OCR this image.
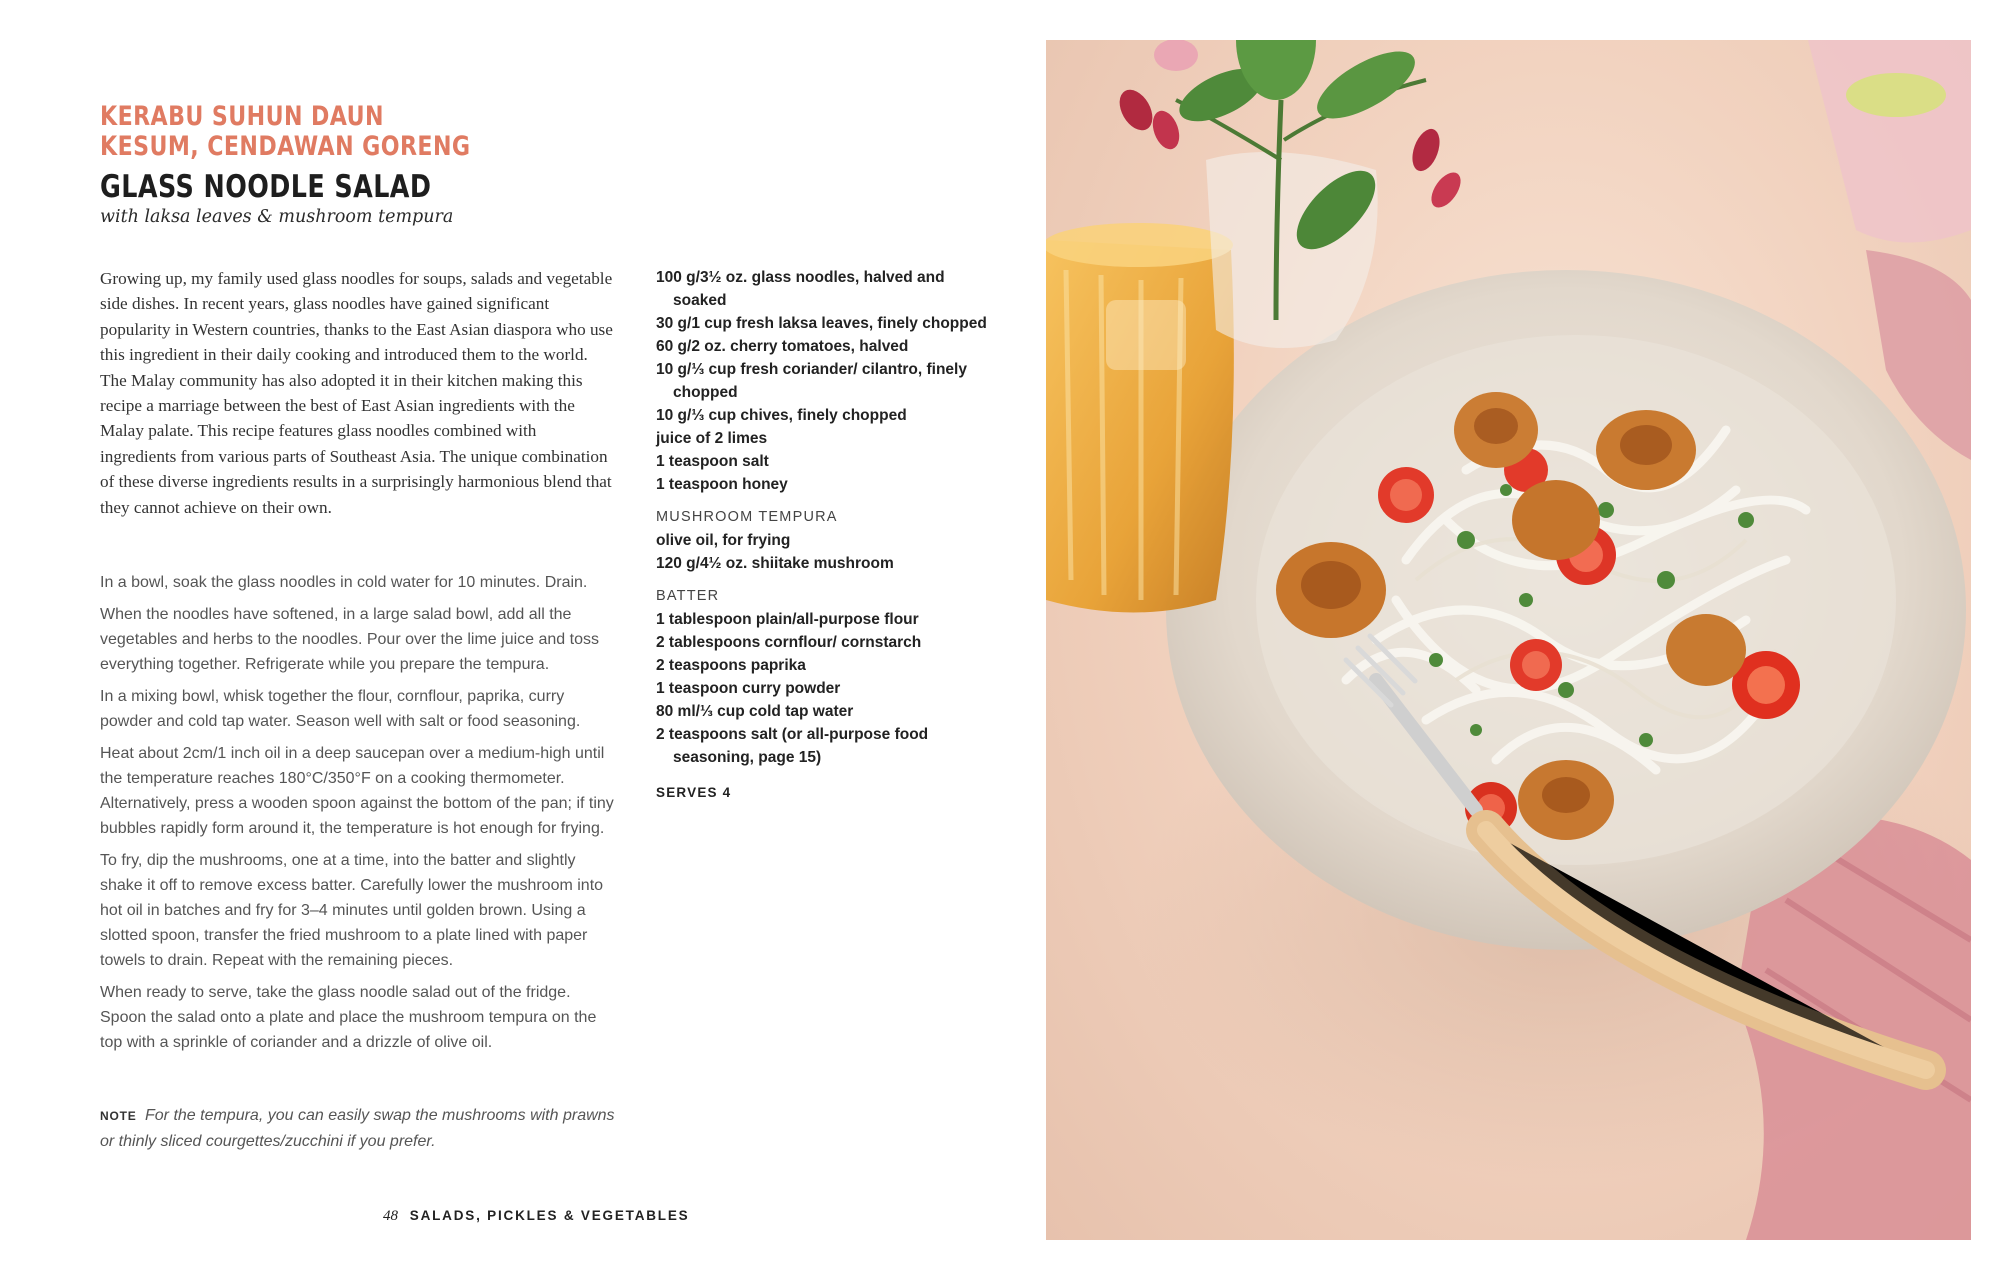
KERABU SUHUN DAUN
KESUM, CENDAWAN GORENG
GLASS NOODLE SALAD
with laksa leaves & mushroom tempura

Growing up, my family used glass noodles for soups, salads and vegetable side dishes. In recent years, glass noodles have gained significant popularity in Western countries, thanks to the East Asian diaspora who use this ingredient in their daily cooking and introduced them to the world. The Malay community has also adopted it in their kitchen making this recipe a marriage between the best of East Asian ingredients with the Malay palate. This recipe features glass noodles combined with ingredients from various parts of Southeast Asia. The unique combination of these diverse ingredients results in a surprisingly harmonious blend that they cannot achieve on their own.

In a bowl, soak the glass noodles in cold water for 10 minutes. Drain.

When the noodles have softened, in a large salad bowl, add all the vegetables and herbs to the noodles. Pour over the lime juice and toss everything together. Refrigerate while you prepare the tempura.

In a mixing bowl, whisk together the flour, cornflour, paprika, curry powder and cold tap water. Season well with salt or food seasoning.

Heat about 2cm/1 inch oil in a deep saucepan over a medium-high until the temperature reaches 180°C/350°F on a cooking thermometer. Alternatively, press a wooden spoon against the bottom of the pan; if tiny bubbles rapidly form around it, the temperature is hot enough for frying.

To fry, dip the mushrooms, one at a time, into the batter and slightly shake it off to remove excess batter. Carefully lower the mushroom into hot oil in batches and fry for 3–4 minutes until golden brown. Using a slotted spoon, transfer the fried mushroom to a plate lined with paper towels to drain. Repeat with the remaining pieces.

When ready to serve, take the glass noodle salad out of the fridge. Spoon the salad onto a plate and place the mushroom tempura on the top with a sprinkle of coriander and a drizzle of olive oil.

NOTE For the tempura, you can easily swap the mushrooms with prawns or thinly sliced courgettes/zucchini if you prefer.

100 g/3½ oz. glass noodles, halved and soaked
30 g/1 cup fresh laksa leaves, finely chopped
60 g/2 oz. cherry tomatoes, halved
10 g/⅓ cup fresh coriander/ cilantro, finely chopped
10 g/⅓ cup chives, finely chopped
juice of 2 limes
1 teaspoon salt
1 teaspoon honey
MUSHROOM TEMPURA
olive oil, for frying
120 g/4½ oz. shiitake mushroom
BATTER
1 tablespoon plain/all-purpose flour
2 tablespoons cornflour/ cornstarch
2 teaspoons paprika
1 teaspoon curry powder
80 ml/⅓ cup cold tap water
2 teaspoons salt (or all-purpose food seasoning, page 15)
SERVES 4
48 SALADS, PICKLES & VEGETABLES
